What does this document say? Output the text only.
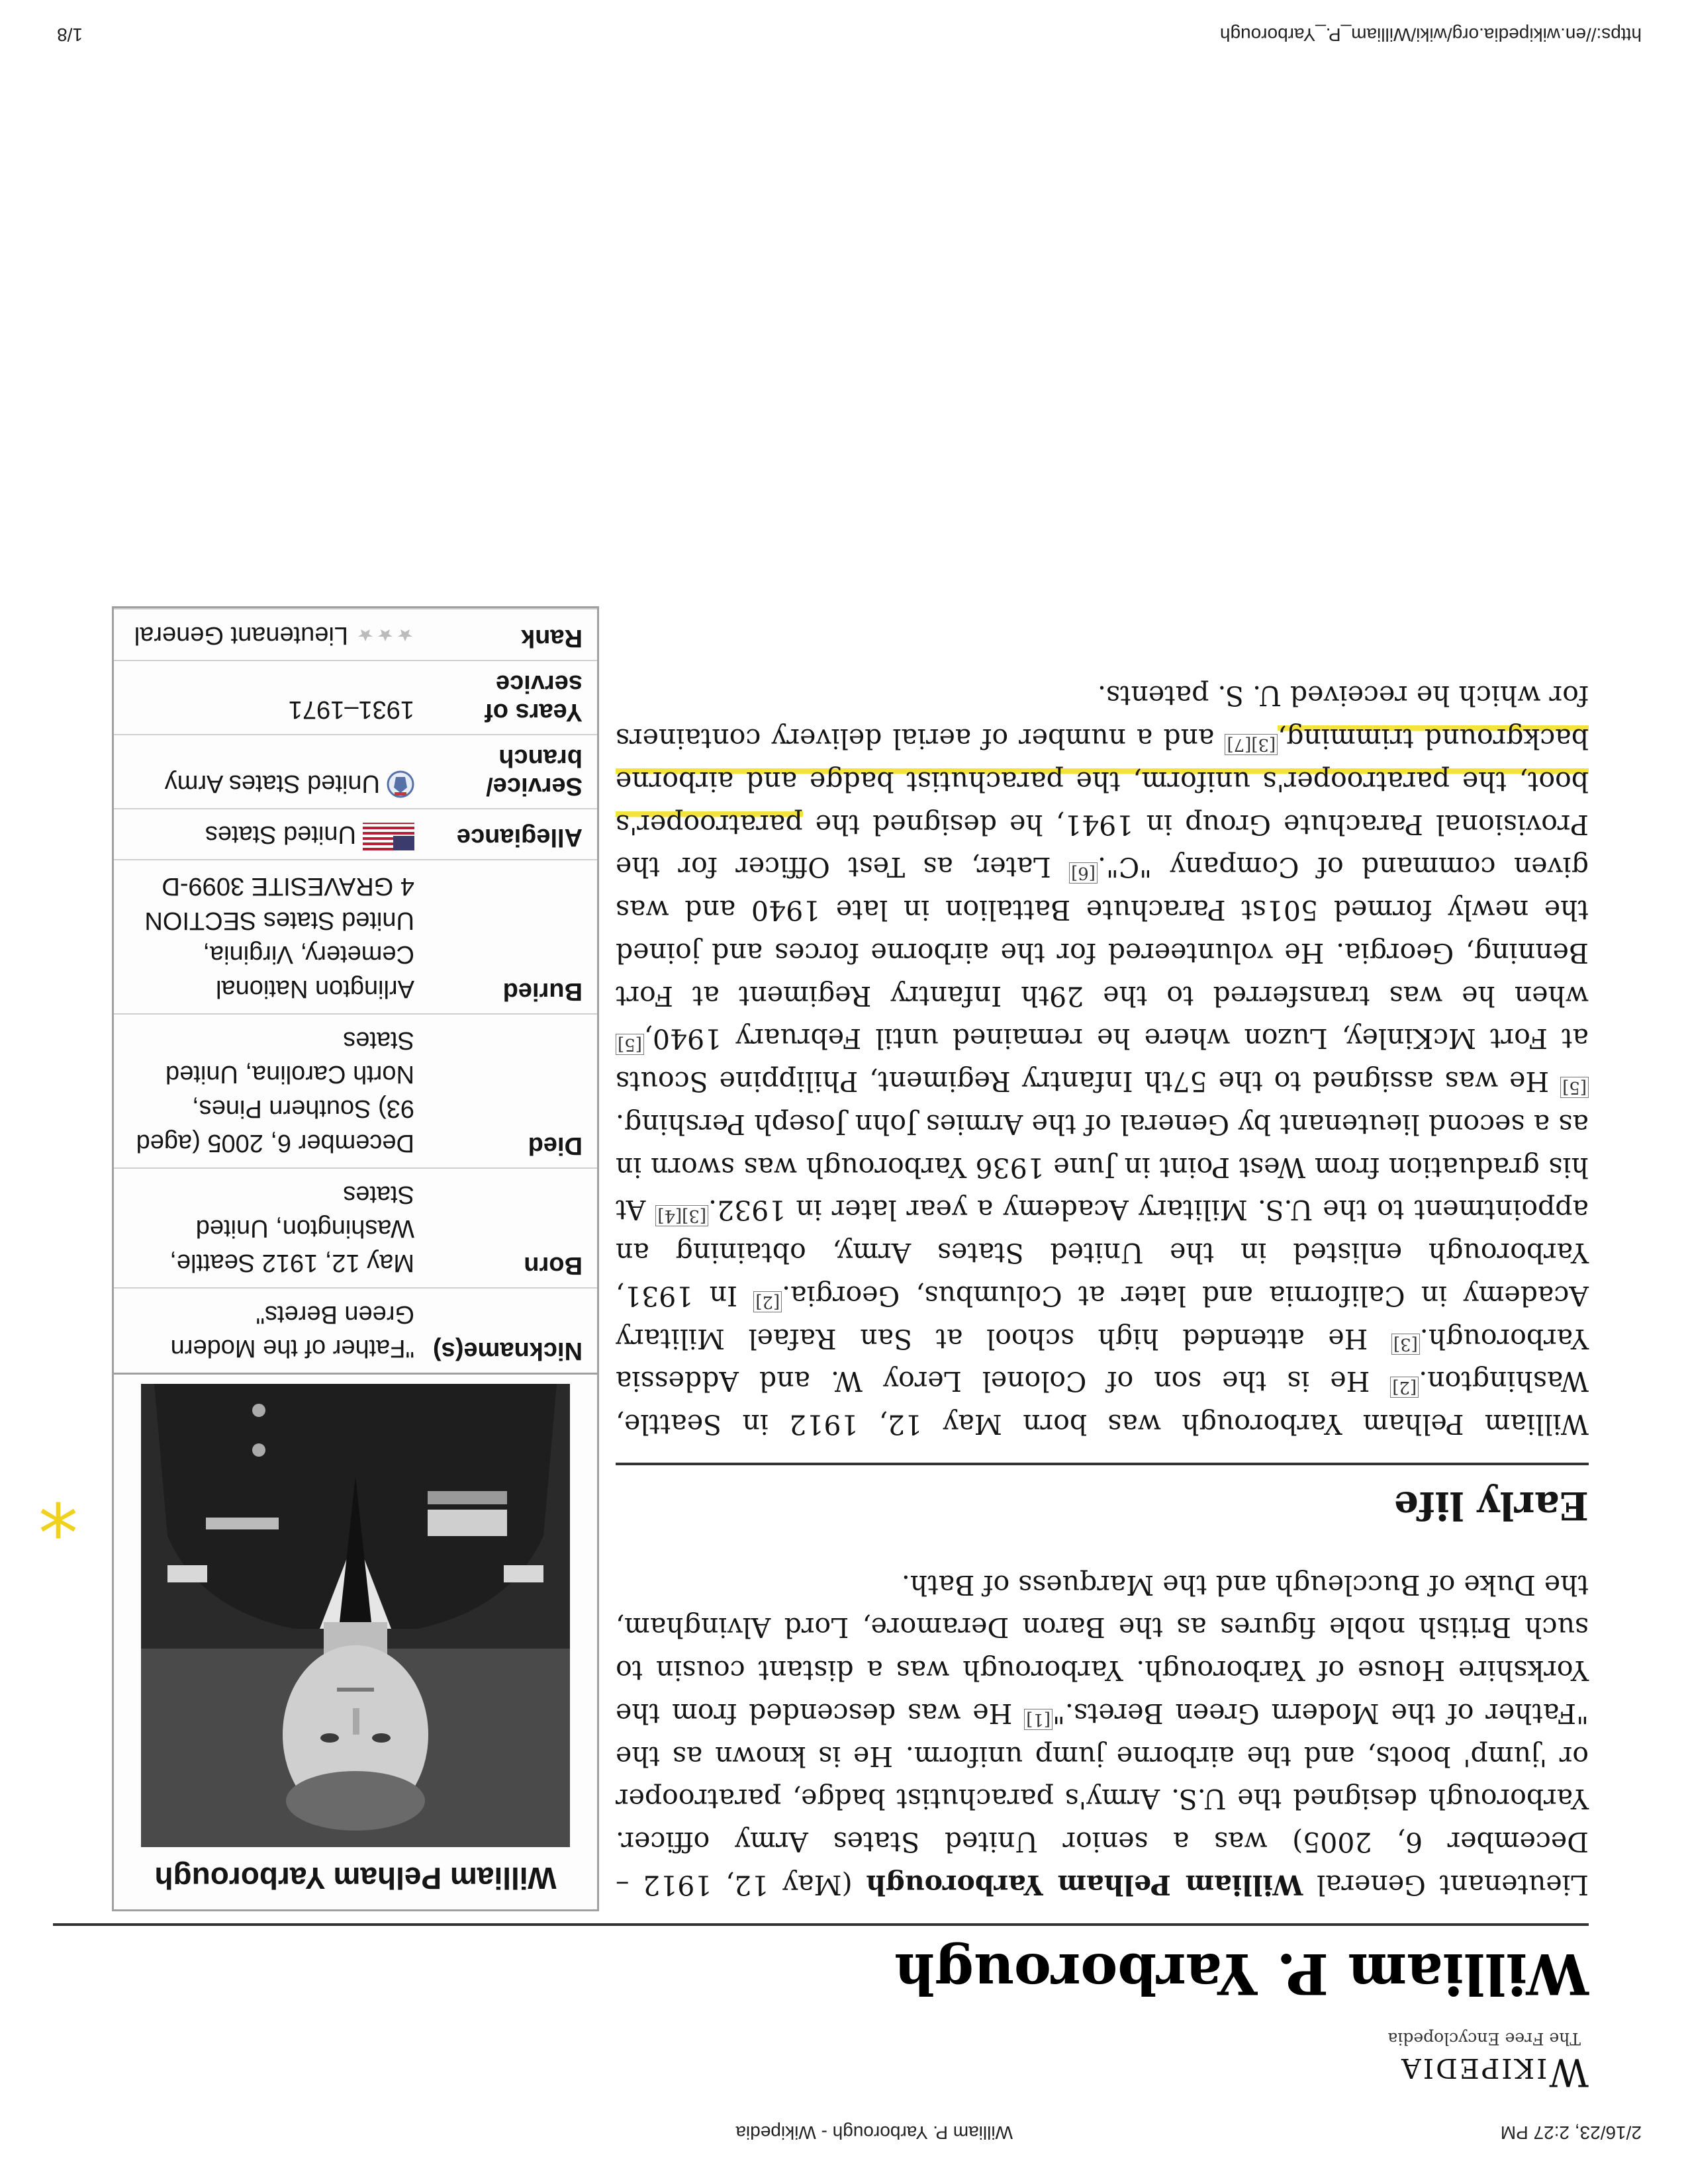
2/16/23, 2:27 PM
William P. Yarborough - Wikipedia
https://en.wikipedia.org/wiki/William_P._Yarborough
1/8
Wikipedia
The Free Encyclopedia
William P. Yarborough

Lieutenant General William Pelham Yarborough (May 12, 1912 – December 6, 2005) was a senior United States Army officer. Yarborough designed the U.S. Army's parachutist badge, paratrooper or 'jump' boots, and the airborne jump uniform. He is known as the "Father of the Modern Green Berets."[1] He was descended from the Yorkshire House of Yarborough. Yarborough was a distant cousin to such British noble figures as the Baron Deramore, Lord Alvingham, the Duke of Buccleugh and the Marquess of Bath.

Early life

William Pelham Yarborough was born May 12, 1912 in Seattle, Washington.[2] He is the son of Colonel Leroy W. and Addessia Yarborough.[3] He attended high school at San Rafael Military Academy in California and later at Columbus, Georgia.[2] In 1931, Yarborough enlisted in the United States Army, obtaining an appointment to the U.S. Military Academy a year later in 1932.[3][4] At his graduation from West Point in June 1936 Yarborough was sworn in as a second lieutenant by General of the Armies John Joseph Pershing.[5] He was assigned to the 57th Infantry Regiment, Philippine Scouts at Fort McKinley, Luzon where he remained until February 1940,[5] when he was transferred to the 29th Infantry Regiment at Fort Benning, Georgia. He volunteered for the airborne forces and joined the newly formed 501st Parachute Battalion in late 1940 and was given command of Company "C".[6] Later, as Test Officer for the Provisional Parachute Group in 1941, he designed the paratrooper's boot, the paratrooper's uniform, the parachutist badge and airborne background trimming,[3][7] and a number of aerial delivery containers for which he received U. S. patents.

*
William Pelham Yarborough
Nickname(s)	"Father of the Modern Green Berets"
Born	May 12, 1912 Seattle, Washington, United States
Died	December 6, 2005 (aged 93) Southern Pines, North Carolina, United States
Buried	Arlington National Cemetery, Virginia, United States SECTION 4 GRAVESITE 3099-D
Allegiance	United States
Service/ branch	United States Army
Years of service	1931–1971
Rank	Lieutenant General
